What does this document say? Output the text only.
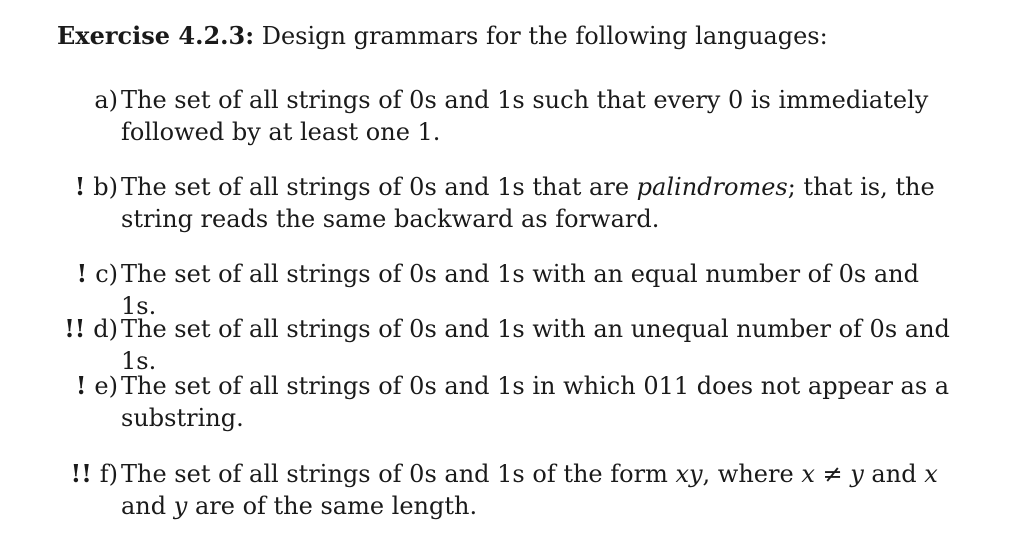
Exercise 4.2.3: Design grammars for the following languages:
a) The set of all strings of 0s and 1s such that every 0 is immediately followed by at least one 1.
! b) The set of all strings of 0s and 1s that are palindromes; that is, the string reads the same backward as forward.
! c) The set of all strings of 0s and 1s with an equal number of 0s and 1s.
!! d) The set of all strings of 0s and 1s with an unequal number of 0s and 1s.
! e) The set of all strings of 0s and 1s in which 011 does not appear as a substring.
!! f) The set of all strings of 0s and 1s of the form xy, where x ≠ y and x and y are of the same length.
